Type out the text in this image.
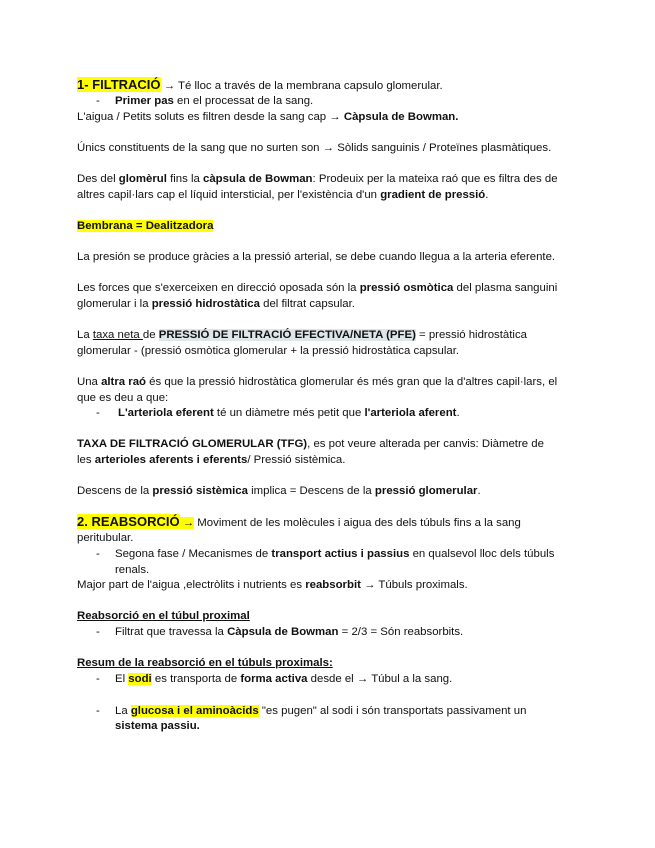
1- FILTRACIÓ → Té lloc a través de la membrana capsulo glomerular.
- Primer pas en el processat de la sang.
L'aigua / Petits soluts es filtren desde la sang cap → Càpsula de Bowman.
Únics constituents de la sang que no surten son → Sòlids sanguinis / Proteïnes plasmàtiques.
Des del glomèrul fins la càpsula de Bowman: Prodeuix per la mateixa raó que es filtra des de
altres capil·lars cap el líquid intersticial, per l'existència d'un gradient de pressió.
Bembrana = Dealitzadora
La presión se produce gràcies a la pressió arterial, se debe cuando llegua a la arteria eferente.
Les forces que s'exerceixen en direcció oposada són la pressió osmòtica del plasma sanguini
glomerular i la pressió hidrostàtica del filtrat capsular.
La taxa neta de PRESSIÓ DE FILTRACIÓ EFECTIVA/NETA (PFE) = pressió hidrostàtica
glomerular - (pressió osmòtica glomerular + la pressió hidrostàtica capsular.
Una altra raó és que la pressió hidrostàtica glomerular és més gran que la d'altres capil·lars, el
que es deu a que:
- L'arteriola eferent té un diàmetre més petit que l'arteriola aferent.
TAXA DE FILTRACIÓ GLOMERULAR (TFG), es pot veure alterada per canvis: Diàmetre de
les arterioles aferents i eferents/ Pressió sistèmica.
Descens de la pressió sistèmica implica = Descens de la pressió glomerular.
2. REABSORCIÓ → Moviment de les molècules i aigua des dels túbuls fins a la sang
peritubular.
- Segona fase / Mecanismes de transport actius i passius en qualsevol lloc dels túbuls
renals.
Major part de l'aigua ,electròlits i nutrients es reabsorbit → Túbuls proximals.
Reabsorció en el túbul proximal
- Filtrat que travessa la Càpsula de Bowman = 2/3 = Són reabsorbits.
Resum de la reabsorció en el túbuls proximals:
- El sodi es transporta de forma activa desde el → Túbul a la sang.
- La glucosa i el aminoàcids "es pugen" al sodi i són transportats passivament un
sistema passiu.
